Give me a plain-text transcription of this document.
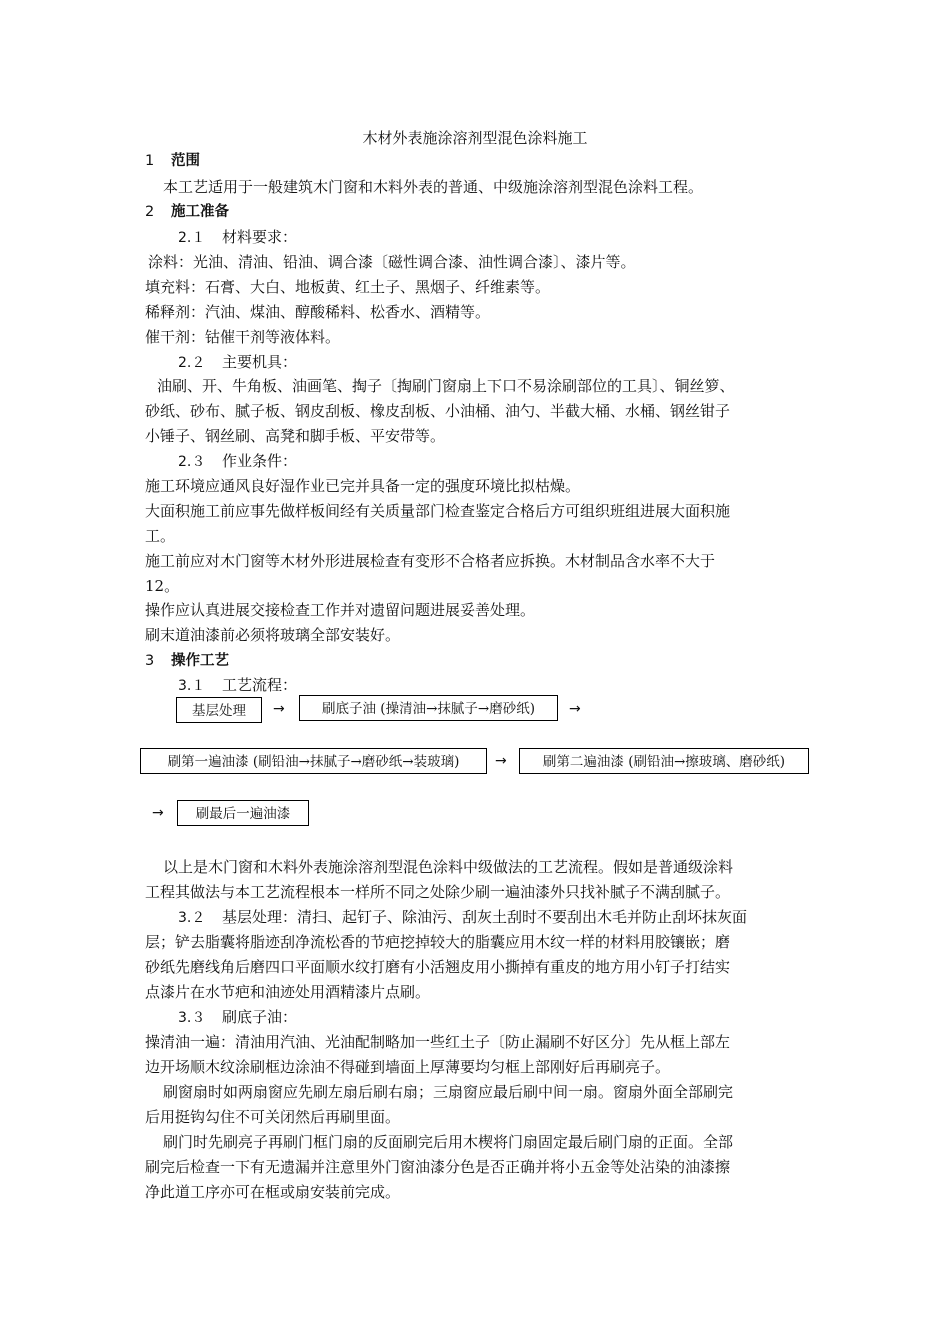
木材外表施涂溶剂型混色涂料施工
1 范围
本工艺适用于一般建筑木门窗和木料外表的普通、中级施涂溶剂型混色涂料工程。
2 施工准备
2.１ 材料要求：
涂料：光油、清油、铅油、调合漆〔磁性调合漆、油性调合漆〕、漆片等。
填充料：石膏、大白、地板黄、红土子、黑烟子、纤维素等。
稀释剂：汽油、煤油、醇酸稀料、松香水、酒精等。
催干剂：钴催干剂等液体料。
2.２ 主要机具：
油刷、开、牛角板、油画笔、掏子〔掏刷门窗扇上下口不易涂刷部位的工具〕、铜丝箩、
砂纸、砂布、腻子板、钢皮刮板、橡皮刮板、小油桶、油勺、半截大桶、水桶、钢丝钳子
小锤子、钢丝刷、高凳和脚手板、平安带等。
2.３ 作业条件：
施工环境应通风良好湿作业已完并具备一定的强度环境比拟枯燥。
大面积施工前应事先做样板间经有关质量部门检查鉴定合格后方可组织班组进展大面积施
工。
施工前应对木门窗等木材外形进展检查有变形不合格者应拆换。木材制品含水率不大于
12。
操作应认真进展交接检查工作并对遗留问题进展妥善处理。
刷末道油漆前必须将玻璃全部安装好。
3 操作工艺
3.１ 工艺流程：
基层处理	→	刷底子油 (操清油→抹腻子→磨砂纸)	→
刷第一遍油漆 (刷铅油→抹腻子→磨砂纸→装玻璃)	→	刷第二遍油漆 (刷铅油→擦玻璃、磨砂纸)
→	刷最后一遍油漆
以上是木门窗和木料外表施涂溶剂型混色涂料中级做法的工艺流程。假如是普通级涂料
工程其做法与本工艺流程根本一样所不同之处除少刷一遍油漆外只找补腻子不满刮腻子。
3.２ 基层处理：清扫、起钉子、除油污、刮灰土刮时不要刮出木毛并防止刮坏抹灰面
层；铲去脂囊将脂迹刮净流松香的节疤挖掉较大的脂囊应用木纹一样的材料用胶镶嵌；磨
砂纸先磨线角后磨四口平面顺水纹打磨有小活翘皮用小撕掉有重皮的地方用小钉子打结实
点漆片在水节疤和油迹处用酒精漆片点刷。
3.３ 刷底子油：
操清油一遍：清油用汽油、光油配制略加一些红土子〔防止漏刷不好区分〕先从框上部左
边开场顺木纹涂刷框边涂油不得碰到墙面上厚薄要均匀框上部刚好后再刷亮子。
刷窗扇时如两扇窗应先刷左扇后刷右扇；三扇窗应最后刷中间一扇。窗扇外面全部刷完
后用挺钩勾住不可关闭然后再刷里面。
刷门时先刷亮子再刷门框门扇的反面刷完后用木楔将门扇固定最后刷门扇的正面。全部
刷完后检查一下有无遗漏并注意里外门窗油漆分色是否正确并将小五金等处沾染的油漆擦
净此道工序亦可在框或扇安装前完成。
